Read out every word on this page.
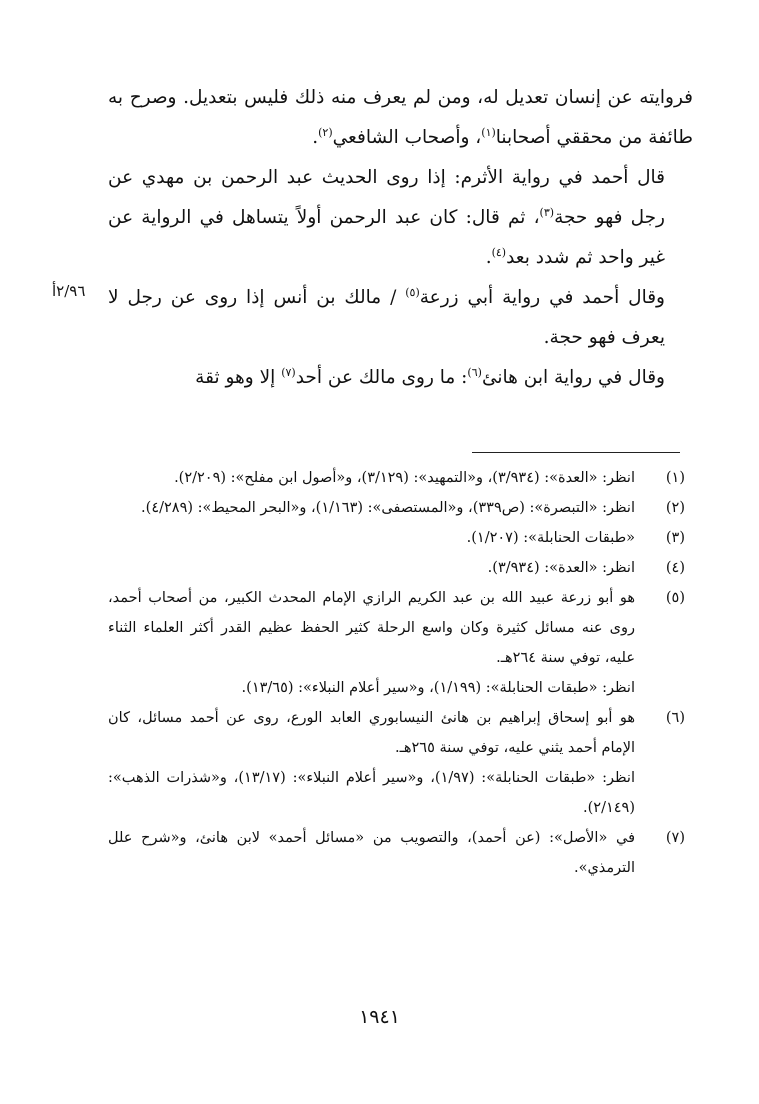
فروايته عن إنسان تعديل له، ومن لم يعرف منه ذلك فليس بتعديل. وصرح به طائفة من محققي أصحابنا$^{(١)}$، وأصحاب الشافعي$^{(٢)}$.

قال أحمد في رواية الأثرم: إذا روى الحديث عبد الرحمن بن مهدي عن رجل فهو حجة$^{(٣)}$، ثم قال: كان عبد الرحمن أولاً يتساهل في الرواية عن غير واحد ثم شدد بعد$^{(٤)}$.

وقال أحمد في رواية أبي زرعة$^{(٥)}$ / مالك بن أنس إذا روى عن رجل لا يعرف فهو حجة.

وقال في رواية ابن هانئ$^{(٦)}$: ما روى مالك عن أحد$^{(٧)}$ إلا وهو ثقة

٢/٩٦أ
(١)

انظر: «العدة»: (٣/٩٣٤)، و«التمهيد»: (٣/١٢٩)، و«أصول ابن مفلح»: (٢/٢٠٩).

(٢)

انظر: «التبصرة»: (ص٣٣٩)، و«المستصفى»: (١/١٦٣)، و«البحر المحيط»: (٤/٢٨٩).

(٣)

«طبقات الحنابلة»: (١/٢٠٧).

(٤)

انظر: «العدة»: (٣/٩٣٤).

(٥)

هو أبو زرعة عبيد الله بن عبد الكريم الرازي الإمام المحدث الكبير، من أصحاب أحمد، روى عنه مسائل كثيرة وكان واسع الرحلة كثير الحفظ عظيم القدر أكثر العلماء الثناء عليه، توفي سنة ٢٦٤هـ.

انظر: «طبقات الحنابلة»: (١/١٩٩)، و«سير أعلام النبلاء»: (١٣/٦٥).

(٦)

هو أبو إسحاق إبراهيم بن هانئ النيسابوري العابد الورع، روى عن أحمد مسائل، كان الإمام أحمد يثني عليه، توفي سنة ٢٦٥هـ.

انظر: «طبقات الحنابلة»: (١/٩٧)، و«سير أعلام النبلاء»: (١٣/١٧)، و«شذرات الذهب»: (٢/١٤٩).

(٧)

في «الأصل»: (عن أحمد)، والتصويب من «مسائل أحمد» لابن هانئ، و«شرح علل الترمذي».

١٩٤١
